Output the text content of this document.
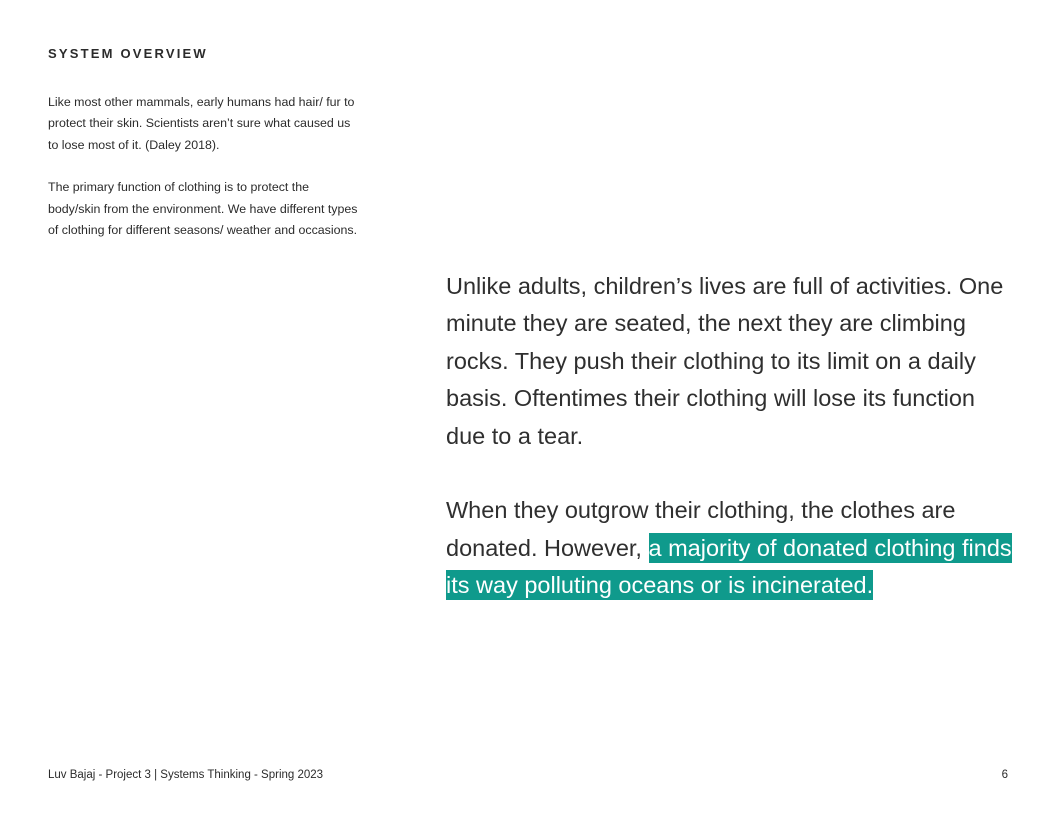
SYSTEM OVERVIEW

Like most other mammals, early humans had hair/ fur to protect their skin. Scientists aren’t sure what caused us to lose most of it. (Daley 2018).

The primary function of clothing is to protect the body/skin from the environment. We have different types of clothing for different seasons/ weather and occasions.

Unlike adults, children’s lives are full of activities. One minute they are seated, the next they are climbing rocks. They push their clothing to its limit on a daily basis. Oftentimes their clothing will lose its function due to a tear.

When they outgrow their clothing, the clothes are donated. However, a majority of donated clothing finds its way polluting oceans or is incinerated.

Luv Bajaj - Project 3 | Systems Thinking - Spring 2023	6
